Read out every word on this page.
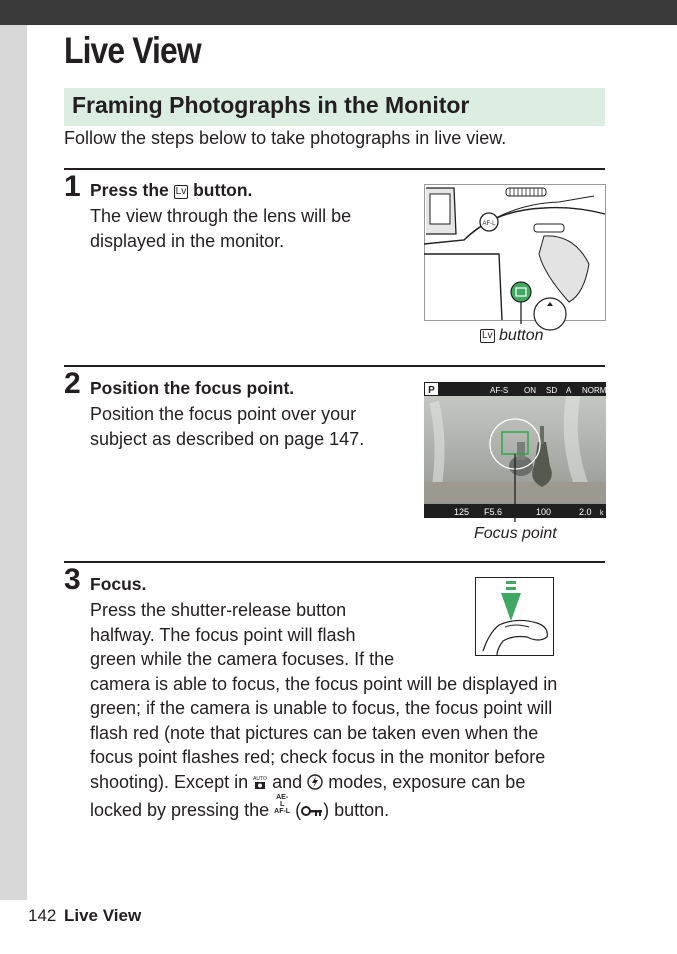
Live View
Framing Photographs in the Monitor
Follow the steps below to take photographs in live view.
1 Press the Lv button.
The view through the lens will be
displayed in the monitor.
AF-L
Lv button
2 Position the focus point.
Position the focus point over your
subject as described on page 147.
P	AF-S ON SD A NORM
125 F5.6	100	2.0 k
Focus point
3 Focus.
Press the shutter-release button
halfway. The focus point will flash
green while the camera focuses. If the
camera is able to focus, the focus point will be displayed in
green; if the camera is unable to focus, the focus point will
flash red (note that pictures can be taken even when the
focus point flashes red; check focus in the monitor before
shooting). Except in AUTO and modes, exposure can be
locked by pressing the AE-L
AF-L ( ) button.
142 Live View
